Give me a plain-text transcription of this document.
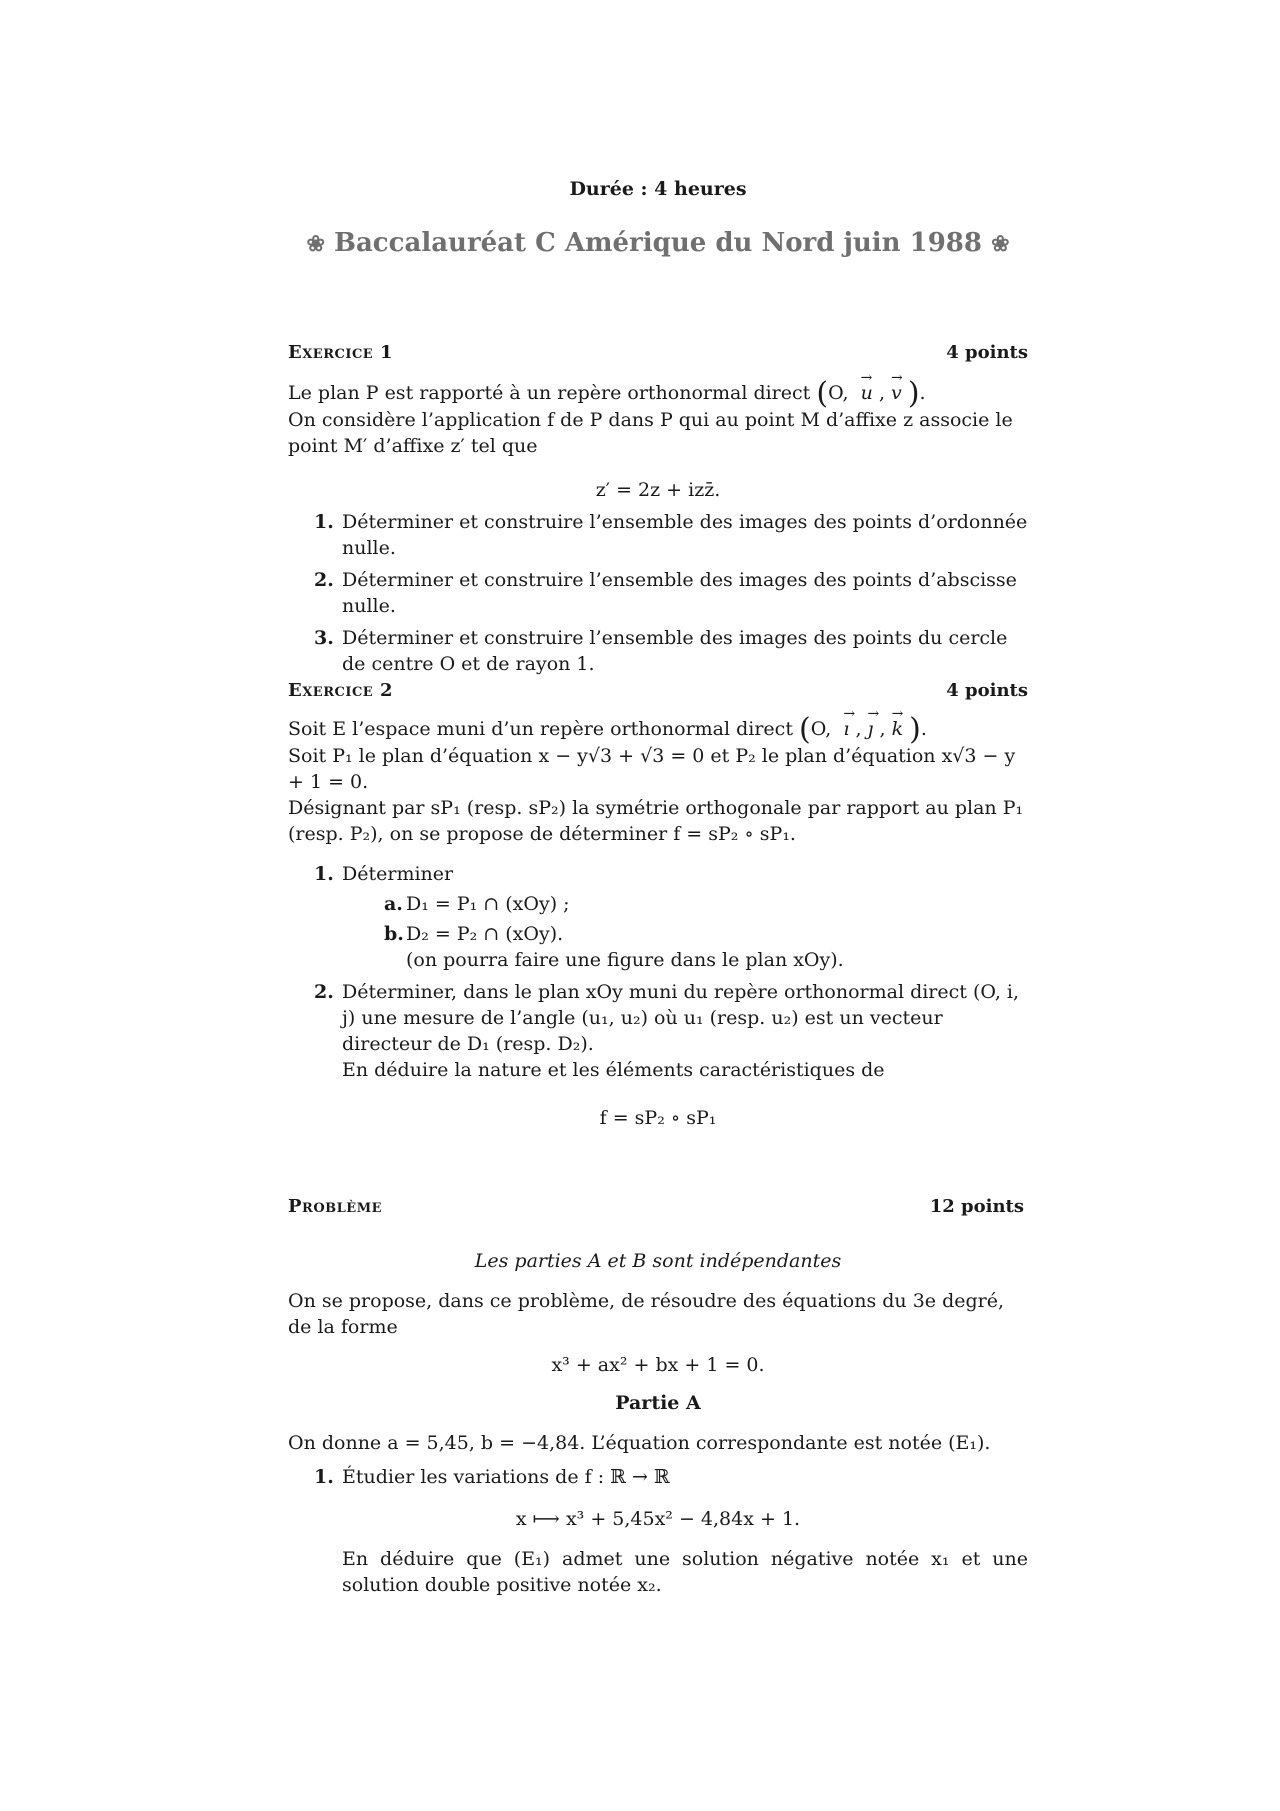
Durée : 4 heures
❀ Baccalauréat C Amérique du Nord juin 1988 ❀
Exercice 1	4 points
Le plan P est rapporté à un repère orthonormal direct (O,  → u , → v ).
On considère l’application f de P dans P qui au point M d’affixe z associe le point M′ d’affixe z′ tel que
z′ = 2z + izz̄.
1. Déterminer et construire l’ensemble des images des points d’ordonnée nulle.
2. Déterminer et construire l’ensemble des images des points d’abscisse nulle.
3. Déterminer et construire l’ensemble des images des points du cercle de centre O et de rayon 1.
Exercice 2	4 points
Soit E l’espace muni d’un repère orthonormal direct (O,  → ı , → ȷ , → k ).
Soit P₁ le plan d’équation x − y√3 + √3 = 0 et P₂ le plan d’équation x√3 − y + 1 = 0.
Désignant par sP₁ (resp. sP₂) la symétrie orthogonale par rapport au plan P₁ (resp. P₂), on se propose de déterminer f = sP₂ ∘ sP₁.
1. Déterminer
a. D₁ = P₁ ∩ (xOy) ;
b. D₂ = P₂ ∩ (xOy).
(on pourra faire une figure dans le plan xOy).
2. Déterminer, dans le plan xOy muni du repère orthonormal direct (O, i, j) une mesure de l’angle (u₁, u₂) où u₁ (resp. u₂) est un vecteur directeur de D₁ (resp. D₂).
En déduire la nature et les éléments caractéristiques de
f = sP₂ ∘ sP₁
Problème	12 points
Les parties A et B sont indépendantes
On se propose, dans ce problème, de résoudre des équations du 3e degré, de la forme
x³ + ax² + bx + 1 = 0.
Partie A
On donne a = 5,45, b = −4,84. L’équation correspondante est notée (E₁).
1. Étudier les variations de f : ℝ → ℝ
x ⟼ x³ + 5,45x² − 4,84x + 1.
En déduire que (E₁) admet une solution négative notée x₁ et une solution double positive notée x₂.
